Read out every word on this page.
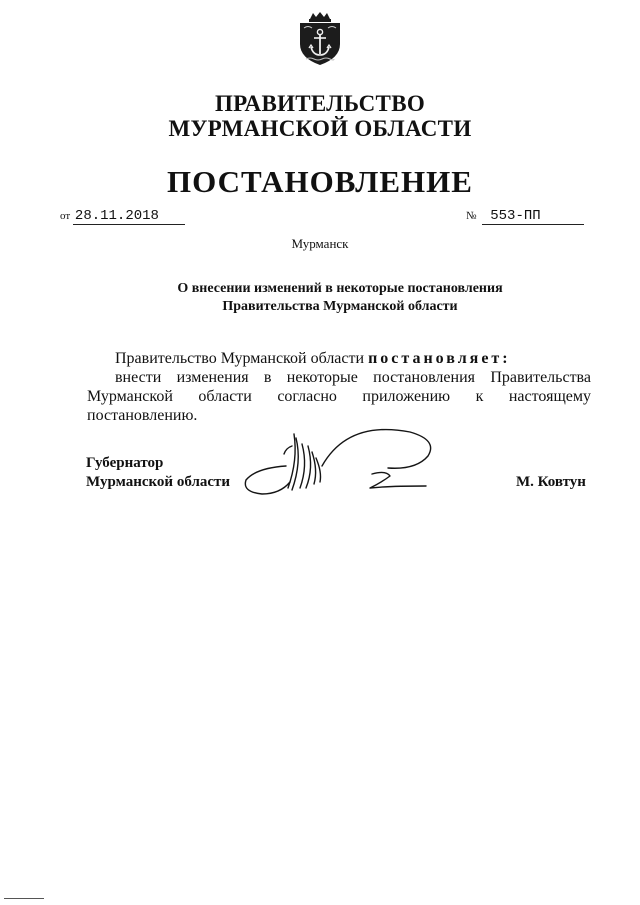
ПРАВИТЕЛЬСТВО
МУРМАНСКОЙ ОБЛАСТИ
ПОСТАНОВЛЕНИЕ
от 28.11.2018	№ 553-ПП
Мурманск
О внесении изменений в некоторые постановления
Правительства Мурманской области
Правительство Мурманской области постановляет:
внести изменения в некоторые постановления Правительства Мурманской области согласно приложению к настоящему постановлению.
Губернатор
Мурманской области	М. Ковтун
